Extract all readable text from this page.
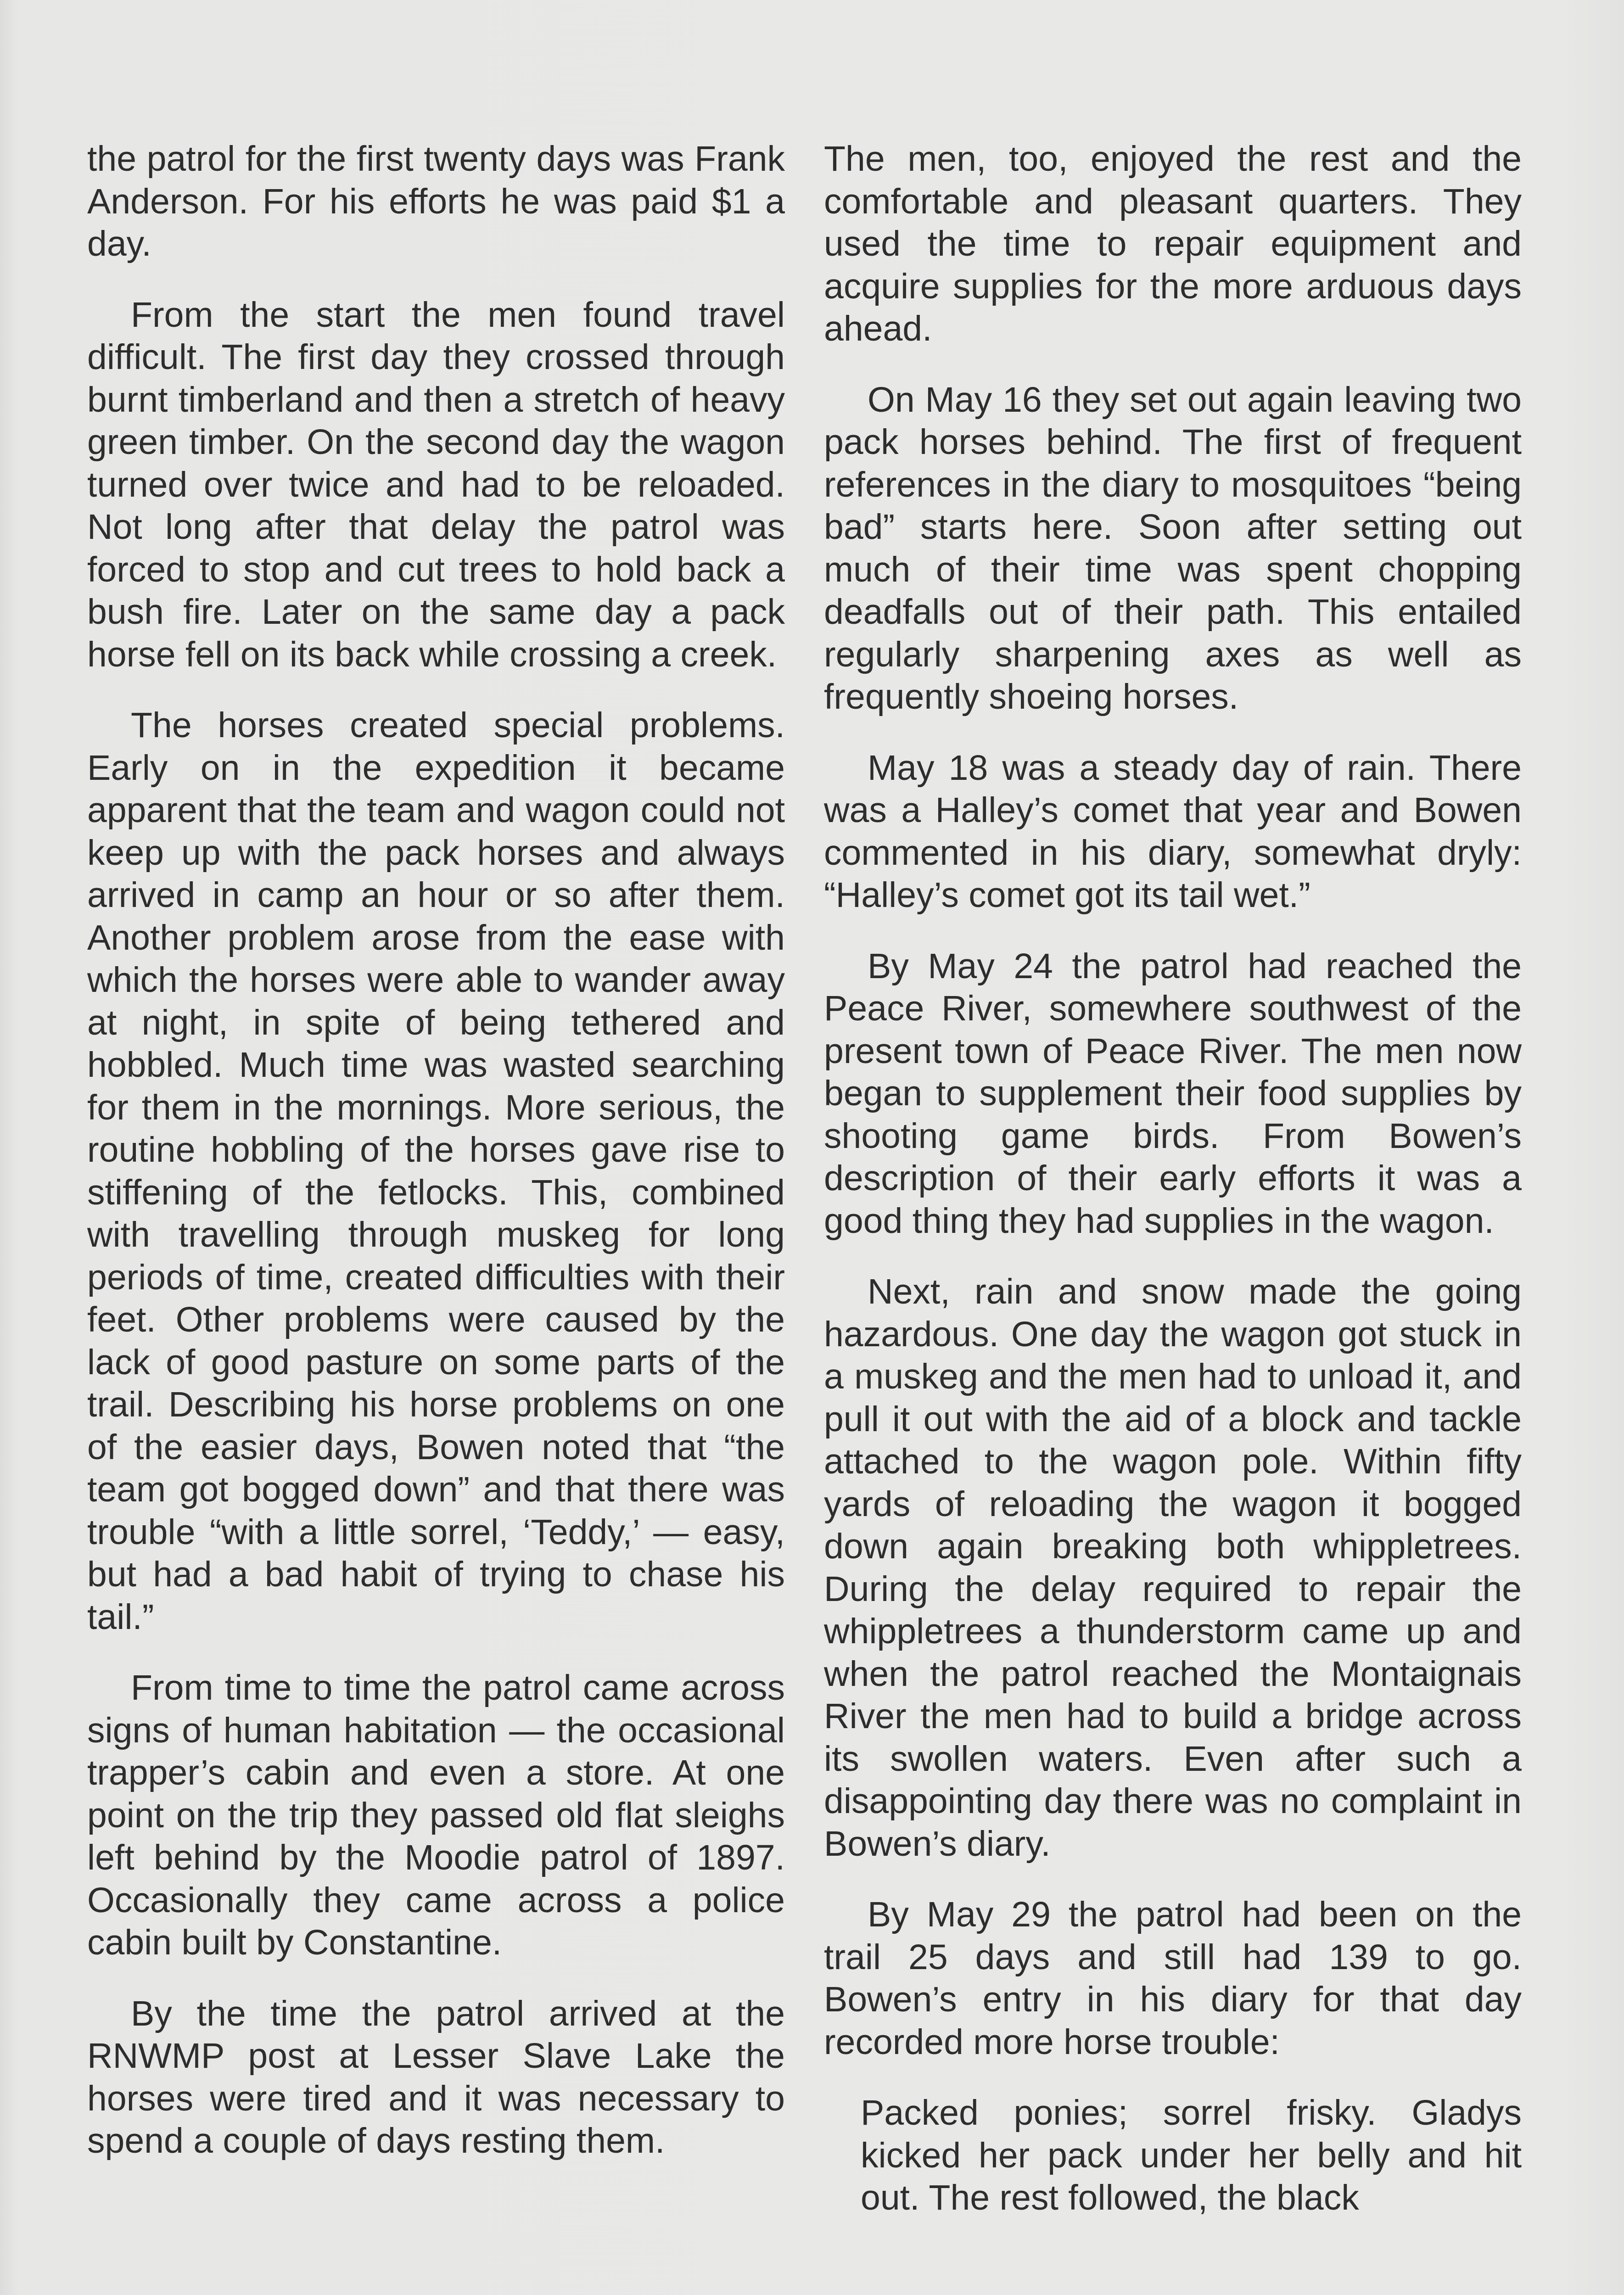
the patrol for the first twenty days was Frank Anderson. For his efforts he was paid $1 a day.

From the start the men found travel difficult. The first day they crossed through burnt timberland and then a stretch of heavy green timber. On the second day the wagon turned over twice and had to be reloaded. Not long after that delay the patrol was forced to stop and cut trees to hold back a bush fire. Later on the same day a pack horse fell on its back while crossing a creek.

The horses created special problems. Early on in the expedition it became apparent that the team and wagon could not keep up with the pack horses and always arrived in camp an hour or so after them. Another problem arose from the ease with which the horses were able to wander away at night, in spite of being tethered and hobbled. Much time was wasted searching for them in the mornings. More serious, the routine hobbling of the horses gave rise to stiffening of the fetlocks. This, combined with travelling through muskeg for long periods of time, created difficulties with their feet. Other problems were caused by the lack of good pasture on some parts of the trail. Describing his horse problems on one of the easier days, Bowen noted that “the team got bogged down” and that there was trouble “with a little sorrel, ‘Teddy,’ — easy, but had a bad habit of trying to chase his tail.”

From time to time the patrol came across signs of human habitation — the occasional trapper’s cabin and even a store. At one point on the trip they passed old flat sleighs left behind by the Moodie patrol of 1897. Occasionally they came across a police cabin built by Constantine.

By the time the patrol arrived at the RNWMP post at Lesser Slave Lake the horses were tired and it was necessary to spend a couple of days resting them.

The men, too, enjoyed the rest and the comfortable and pleasant quarters. They used the time to repair equipment and acquire supplies for the more arduous days ahead.

On May 16 they set out again leaving two pack horses behind. The first of frequent references in the diary to mosquitoes “being bad” starts here. Soon after setting out much of their time was spent chopping deadfalls out of their path. This entailed regularly sharpening axes as well as frequently shoeing horses.

May 18 was a steady day of rain. There was a Halley’s comet that year and Bowen commented in his diary, somewhat dryly: “Halley’s comet got its tail wet.”

By May 24 the patrol had reached the Peace River, somewhere southwest of the present town of Peace River. The men now began to supplement their food supplies by shooting game birds. From Bowen’s description of their early efforts it was a good thing they had supplies in the wagon.

Next, rain and snow made the going hazardous. One day the wagon got stuck in a muskeg and the men had to unload it, and pull it out with the aid of a block and tackle attached to the wagon pole. Within fifty yards of reloading the wagon it bogged down again breaking both whippletrees. During the delay required to repair the whippletrees a thunderstorm came up and when the patrol reached the Montaignais River the men had to build a bridge across its swollen waters. Even after such a disappointing day there was no complaint in Bowen’s diary.

By May 29 the patrol had been on the trail 25 days and still had 139 to go. Bowen’s entry in his diary for that day recorded more horse trouble:

Packed ponies; sorrel frisky. Gladys kicked her pack under her belly and hit out. The rest followed, the black
